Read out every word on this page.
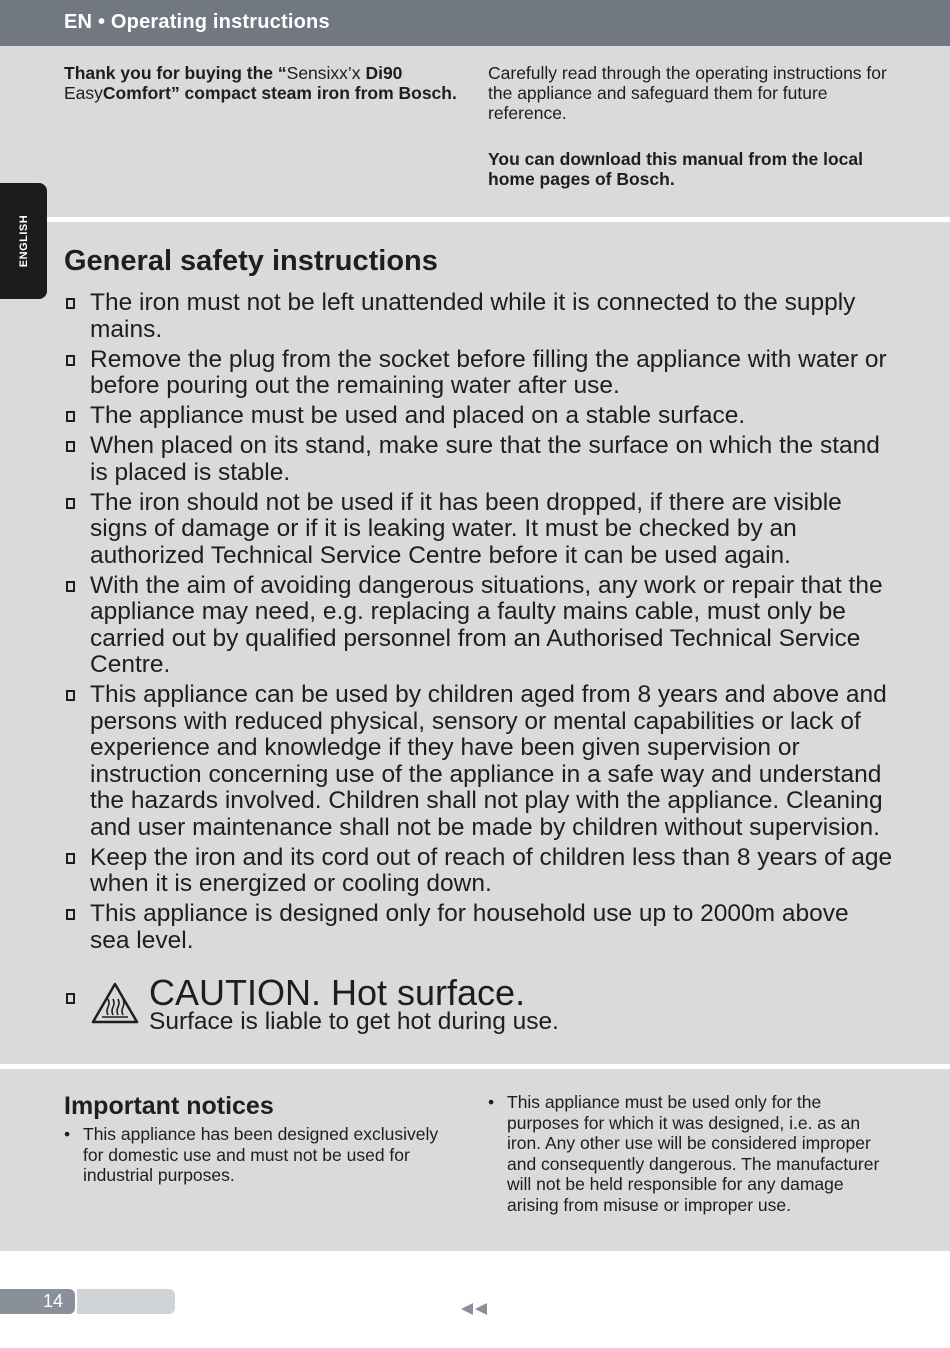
EN • Operating instructions
ENGLISH
Thank you for buying the “Sensixx’x Di90 EasyComfort” compact steam iron from Bosch.
Carefully read through the operating instructions for the appliance and safeguard them for future reference.
You can download this manual from the local home pages of Bosch.
General safety instructions
The iron must not be left unattended while it is connected to the supply mains.
Remove the plug from the socket before filling the appliance with water or before pouring out the remaining water after use.
The appliance must be used and placed on a stable surface.
When placed on its stand, make sure that the surface on which the stand is placed is stable.
The iron should not be used if it has been dropped, if there are visible signs of damage or if it is leaking water. It must be checked by an authorized Technical Service Centre before it can be used again.
With the aim of avoiding dangerous situations, any work or repair that the appliance may need, e.g. replacing a faulty mains cable, must only be carried out by qualified personnel from an Authorised Technical Service Centre.
This appliance can be used by children aged from 8 years and above and persons with reduced physical, sensory or mental capabilities or lack of experience and knowledge if they have been given supervision or instruction concerning use of the appliance in a safe way and understand the hazards involved. Children shall not play with the appliance. Cleaning and user maintenance shall not be made by children without supervision.
Keep the iron and its cord out of reach of children less than 8 years of age when it is energized or cooling down.
This appliance is designed only for household use up to 2000m above sea level.
CAUTION. Hot surface.
Surface is liable to get hot during use.
Important notices
• This appliance has been designed exclusively for domestic use and must not be used for industrial purposes.
• This appliance must be used only for the purposes for which it was designed, i.e. as an iron. Any other use will be considered improper and consequently dangerous. The manufacturer will not be held responsible for any damage arising from misuse or improper use.
14
